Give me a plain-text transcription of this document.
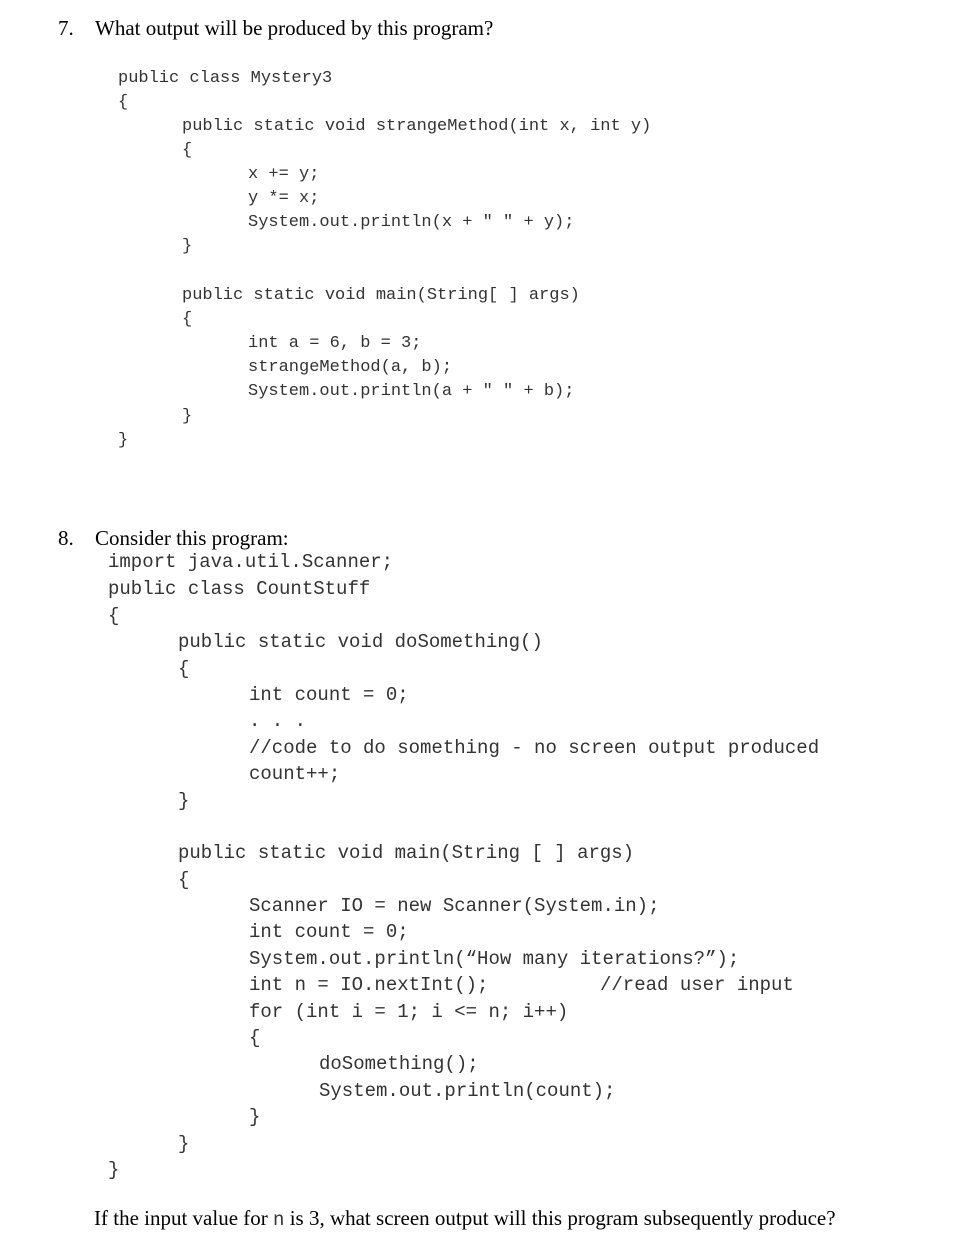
7. What output will be produced by this program?
public class Mystery3
{
public static void strangeMethod(int x, int y)
{
x += y;
y *= x;
System.out.println(x + " " + y);
}
public static void main(String[ ] args)
{
int a = 6, b = 3;
strangeMethod(a, b);
System.out.println(a + " " + b);
}
}
8. Consider this program:
import java.util.Scanner;
public class CountStuff
{
public static void doSomething()
{
int count = 0;
. . .
//code to do something - no screen output produced
count++;
}
public static void main(String [ ] args)
{
Scanner IO = new Scanner(System.in);
int count = 0;
System.out.println(“How many iterations?”);
int n = IO.nextInt();	//read user input
for (int i = 1; i <= n; i++)
{
doSomething();
System.out.println(count);
}
}
}
If the input value for n is 3, what screen output will this program subsequently produce?
